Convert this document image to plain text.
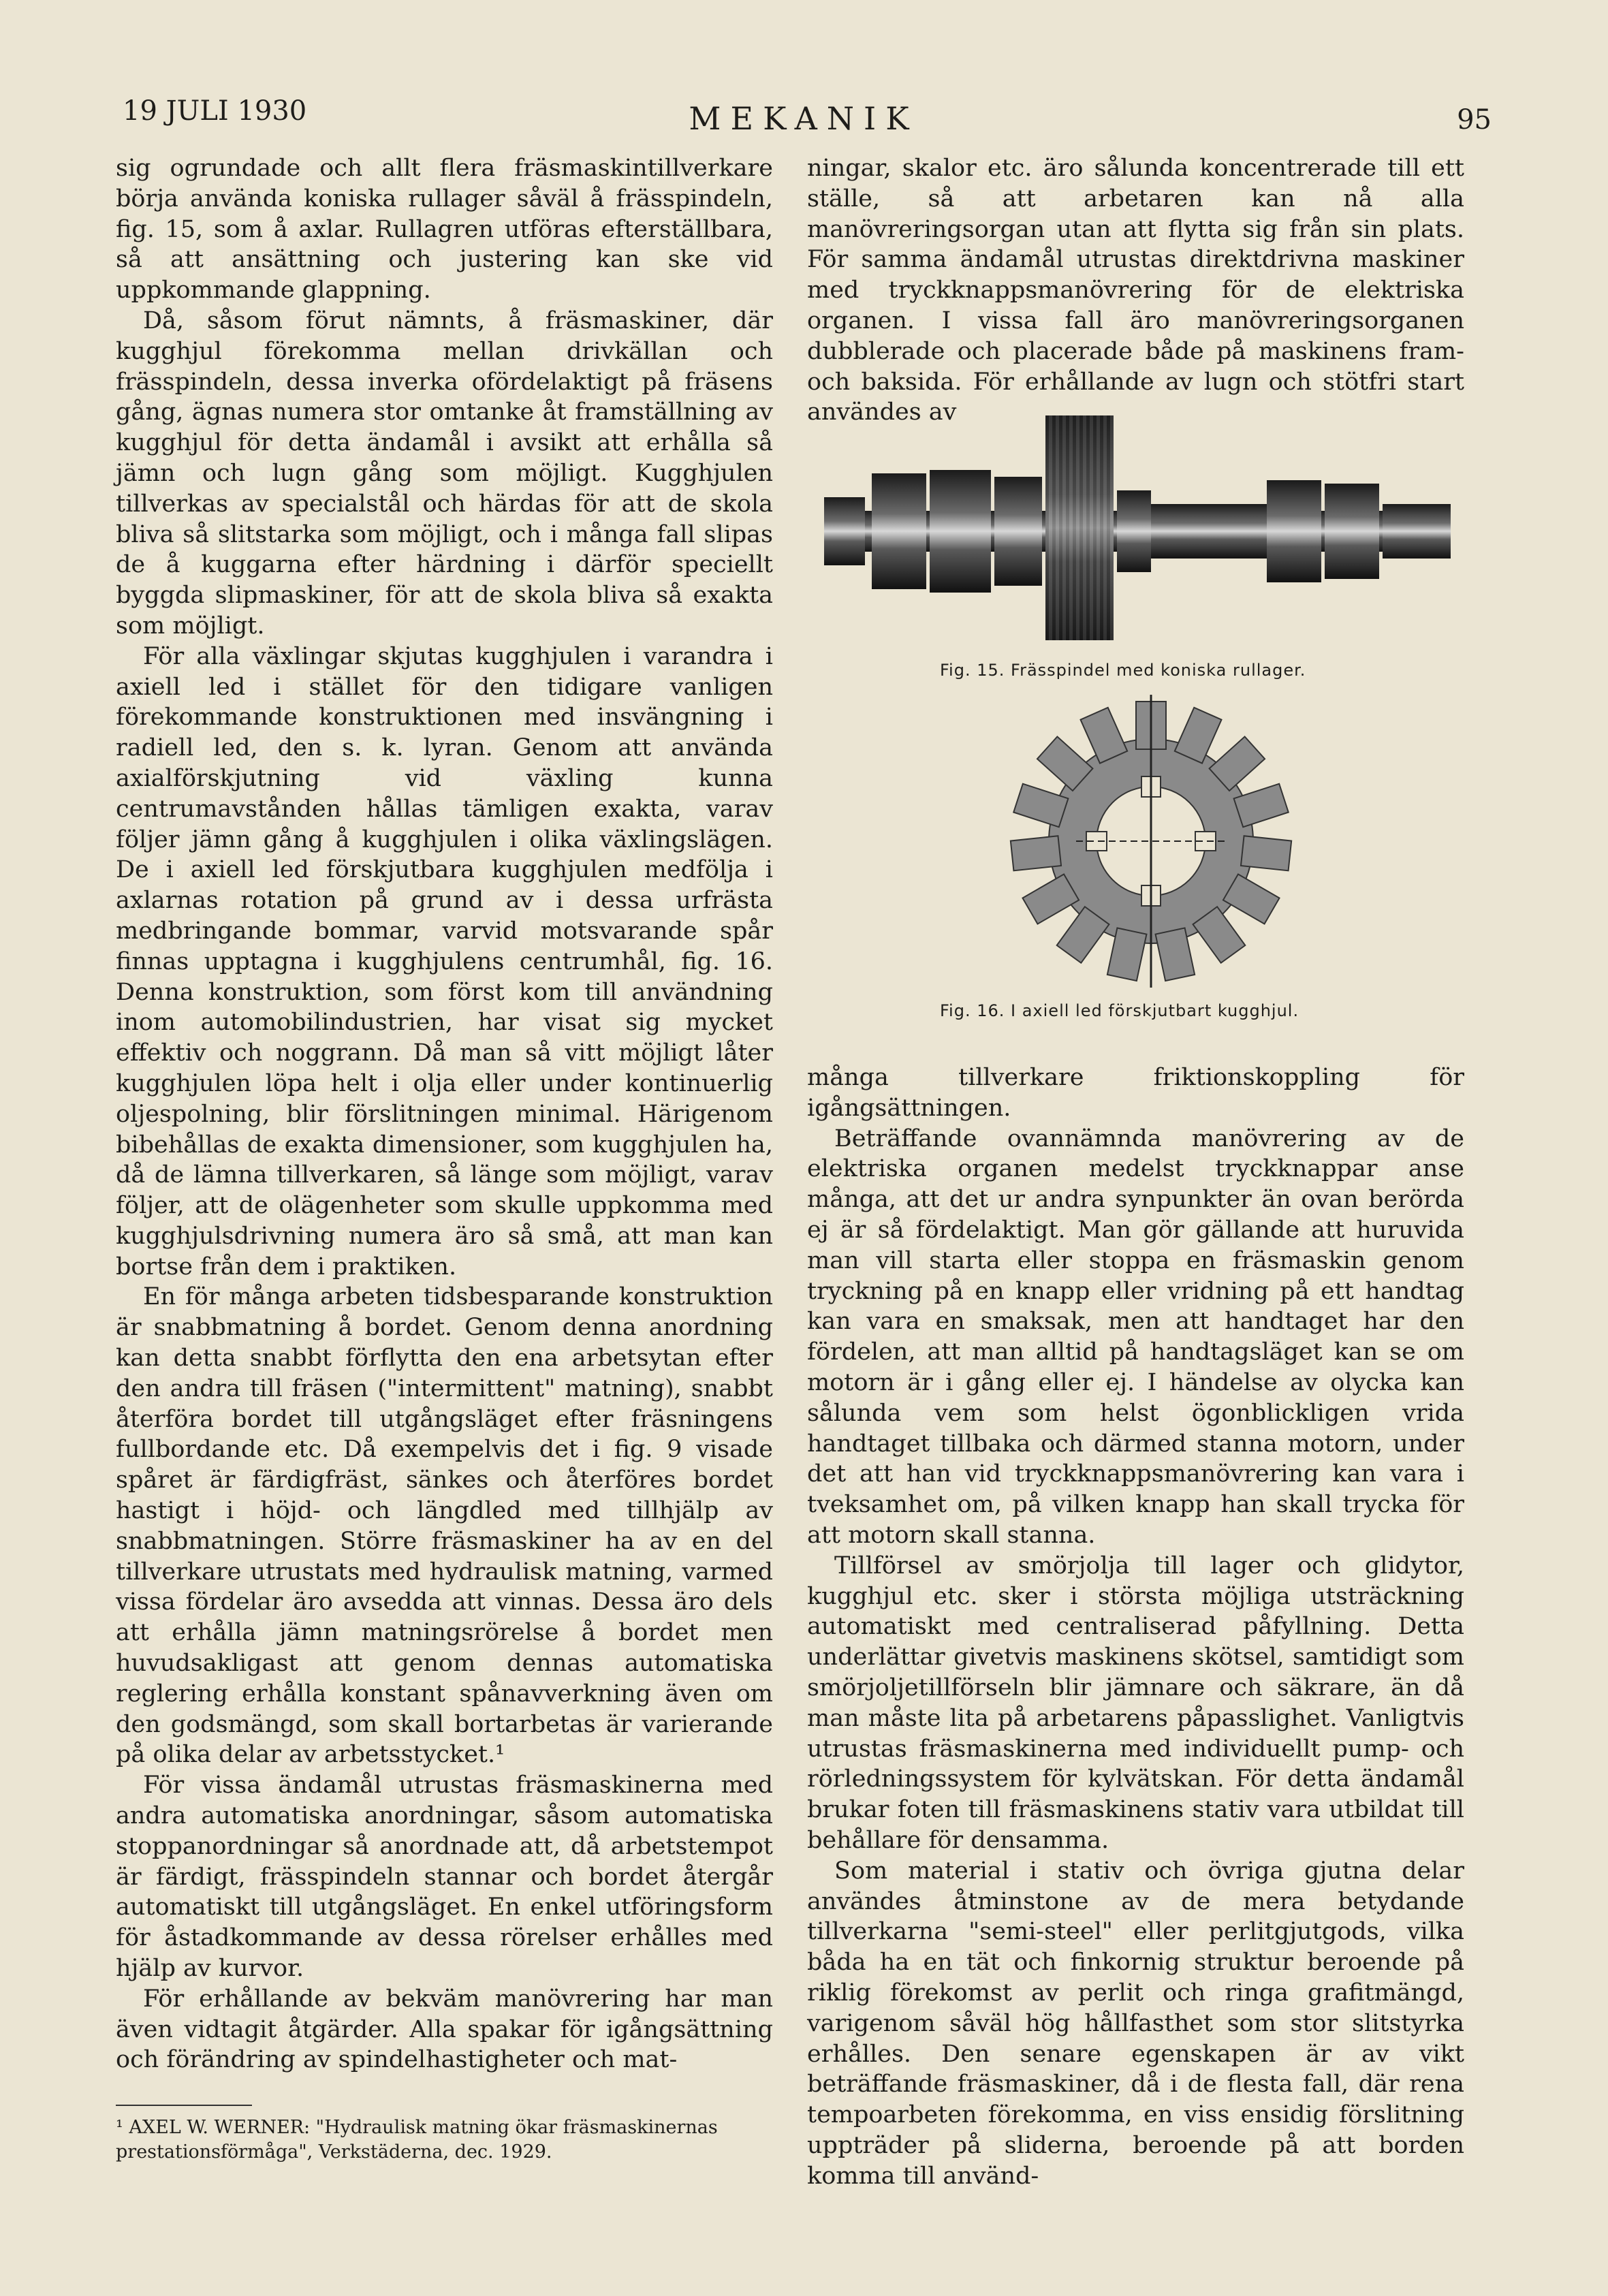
19 JULI 1930	MEKANIK	95

sig ogrundade och allt flera fräsmaskintillverkare börja använda koniska rullager såväl å frässpindeln, fig. 15, som å axlar. Rullagren utföras efterställbara, så att ansättning och justering kan ske vid uppkommande glappning.

Då, såsom förut nämnts, å fräsmaskiner, där kugghjul förekomma mellan drivkällan och frässpindeln, dessa inverka ofördelaktigt på fräsens gång, ägnas numera stor omtanke åt framställning av kugghjul för detta ändamål i avsikt att erhålla så jämn och lugn gång som möjligt. Kugghjulen tillverkas av specialstål och härdas för att de skola bliva så slitstarka som möjligt, och i många fall slipas de å kuggarna efter härdning i därför speciellt byggda slipmaskiner, för att de skola bliva så exakta som möjligt.

För alla växlingar skjutas kugghjulen i varandra i axiell led i stället för den tidigare vanligen förekommande konstruktionen med insvängning i radiell led, den s. k. lyran. Genom att använda axialförskjutning vid växling kunna centrumavstånden hållas tämligen exakta, varav följer jämn gång å kugghjulen i olika växlingslägen. De i axiell led förskjutbara kugghjulen medfölja i axlarnas rotation på grund av i dessa urfrästa medbringande bommar, varvid motsvarande spår finnas upptagna i kugghjulens centrumhål, fig. 16. Denna konstruktion, som först kom till användning inom automobilindustrien, har visat sig mycket effektiv och noggrann. Då man så vitt möjligt låter kugghjulen löpa helt i olja eller under kontinuerlig oljespolning, blir förslitningen minimal. Härigenom bibehållas de exakta dimensioner, som kugghjulen ha, då de lämna tillverkaren, så länge som möjligt, varav följer, att de olägenheter som skulle uppkomma med kugghjulsdrivning numera äro så små, att man kan bortse från dem i praktiken.

En för många arbeten tidsbesparande konstruktion är snabbmatning å bordet. Genom denna anordning kan detta snabbt förflytta den ena arbetsytan efter den andra till fräsen ("intermittent" matning), snabbt återföra bordet till utgångsläget efter fräsningens fullbordande etc. Då exempelvis det i fig. 9 visade spåret är färdigfräst, sänkes och återföres bordet hastigt i höjd- och längdled med tillhjälp av snabbmatningen. Större fräsmaskiner ha av en del tillverkare utrustats med hydraulisk matning, varmed vissa fördelar äro avsedda att vinnas. Dessa äro dels att erhålla jämn matningsrörelse å bordet men huvudsakligast att genom dennas automatiska reglering erhålla konstant spånavverkning även om den godsmängd, som skall bortarbetas är varierande på olika delar av arbetsstycket.¹

För vissa ändamål utrustas fräsmaskinerna med andra automatiska anordningar, såsom automatiska stoppanordningar så anordnade att, då arbetstempot är färdigt, frässpindeln stannar och bordet återgår automatiskt till utgångsläget. En enkel utföringsform för åstadkommande av dessa rörelser erhålles med hjälp av kurvor.

För erhållande av bekväm manövrering har man även vidtagit åtgärder. Alla spakar för igångsättning och förändring av spindelhastigheter och mat-

ningar, skalor etc. äro sålunda koncentrerade till ett ställe, så att arbetaren kan nå alla manövreringsorgan utan att flytta sig från sin plats. För samma ändamål utrustas direktdrivna maskiner med tryckknappsmanövrering för de elektriska organen. I vissa fall äro manövreringsorganen dubblerade och placerade både på maskinens fram- och baksida. För erhållande av lugn och stötfri start användes av

Fig. 15. Frässpindel med koniska rullager.
Fig. 16. I axiell led förskjutbart kugghjul.

många tillverkare friktionskoppling för igångsättningen.

Beträffande ovannämnda manövrering av de elektriska organen medelst tryckknappar anse många, att det ur andra synpunkter än ovan berörda ej är så fördelaktigt. Man gör gällande att huruvida man vill starta eller stoppa en fräsmaskin genom tryckning på en knapp eller vridning på ett handtag kan vara en smaksak, men att handtaget har den fördelen, att man alltid på handtagsläget kan se om motorn är i gång eller ej. I händelse av olycka kan sålunda vem som helst ögonblickligen vrida handtaget tillbaka och därmed stanna motorn, under det att han vid tryckknappsmanövrering kan vara i tveksamhet om, på vilken knapp han skall trycka för att motorn skall stanna.

Tillförsel av smörjolja till lager och glidytor, kugghjul etc. sker i största möjliga utsträckning automatiskt med centraliserad påfyllning. Detta underlättar givetvis maskinens skötsel, samtidigt som smörjoljetillförseln blir jämnare och säkrare, än då man måste lita på arbetarens påpasslighet. Vanligtvis utrustas fräsmaskinerna med individuellt pump- och rörledningssystem för kylvätskan. För detta ändamål brukar foten till fräsmaskinens stativ vara utbildat till behållare för densamma.

Som material i stativ och övriga gjutna delar användes åtminstone av de mera betydande tillverkarna "semi-steel" eller perlitgjutgods, vilka båda ha en tät och finkornig struktur beroende på riklig förekomst av perlit och ringa grafitmängd, varigenom såväl hög hållfasthet som stor slitstyrka erhålles. Den senare egenskapen är av vikt beträffande fräsmaskiner, då i de flesta fall, där rena tempoarbeten förekomma, en viss ensidig förslitning uppträder på sliderna, beroende på att borden komma till använd-

¹ AXEL W. WERNER: "Hydraulisk matning ökar fräsmaskinernas prestationsförmåga", Verkstäderna, dec. 1929.
